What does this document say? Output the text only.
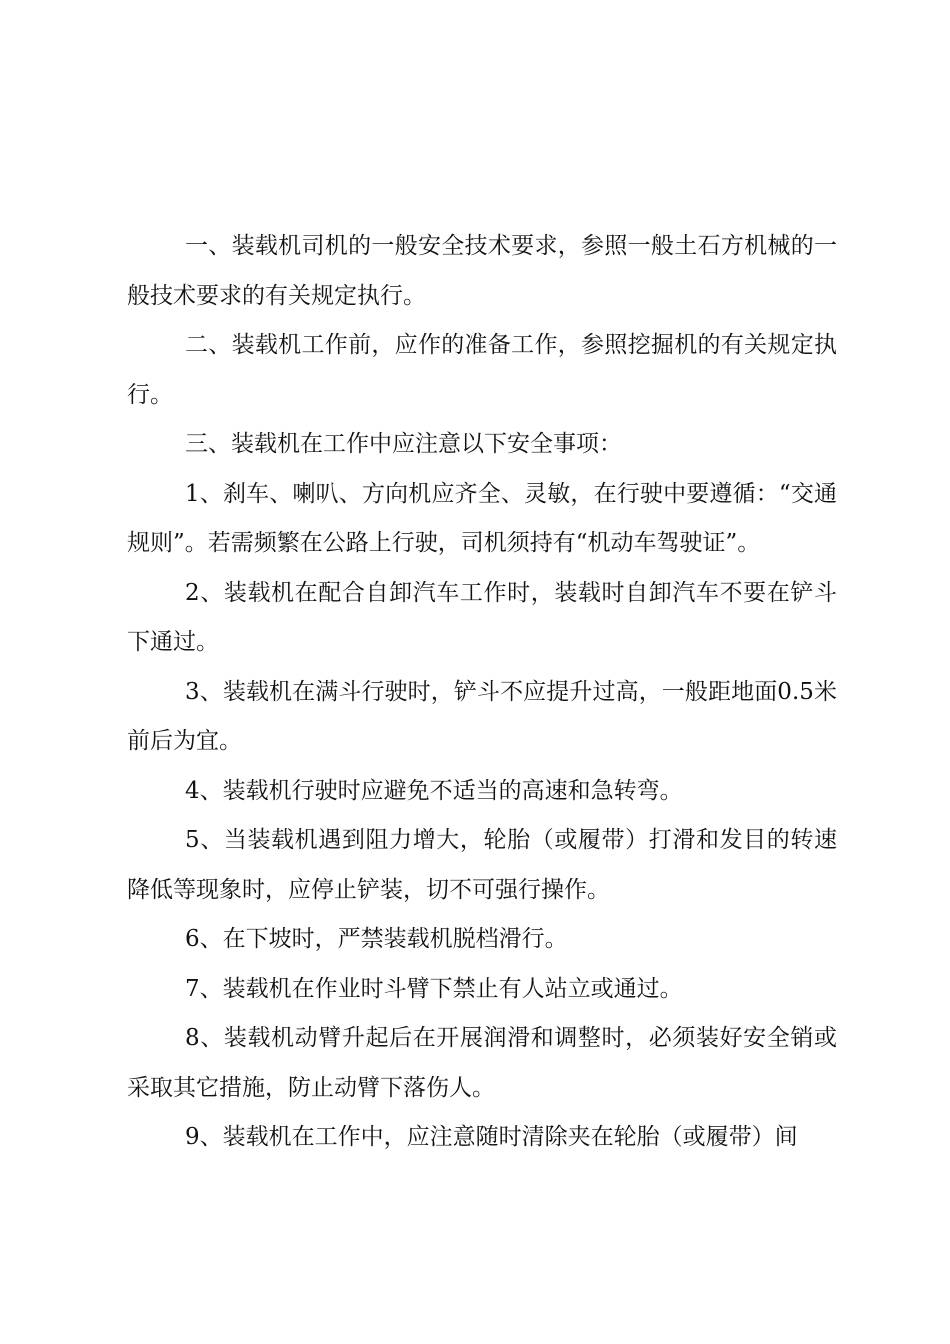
一、装载机司机的一般安全技术要求，参照一般土石方机械的一般技术要求的有关规定执行。

二、装载机工作前，应作的准备工作，参照挖掘机的有关规定执行。

三、装载机在工作中应注意以下安全事项：

1、刹车、喇叭、方向机应齐全、灵敏，在行驶中要遵循：“交通规则”。若需频繁在公路上行驶，司机须持有“机动车驾驶证”。

2、装载机在配合自卸汽车工作时，装载时自卸汽车不要在铲斗下通过。

3、装载机在满斗行驶时，铲斗不应提升过高，一般距地面0.5米前后为宜。

4、装载机行驶时应避免不适当的高速和急转弯。

5、当装载机遇到阻力增大，轮胎（或履带）打滑和发目的转速降低等现象时，应停止铲装，切不可强行操作。

6、在下坡时，严禁装载机脱档滑行。

7、装载机在作业时斗臂下禁止有人站立或通过。

8、装载机动臂升起后在开展润滑和调整时，必须装好安全销或采取其它措施，防止动臂下落伤人。

9、装载机在工作中，应注意随时清除夹在轮胎（或履带）间
